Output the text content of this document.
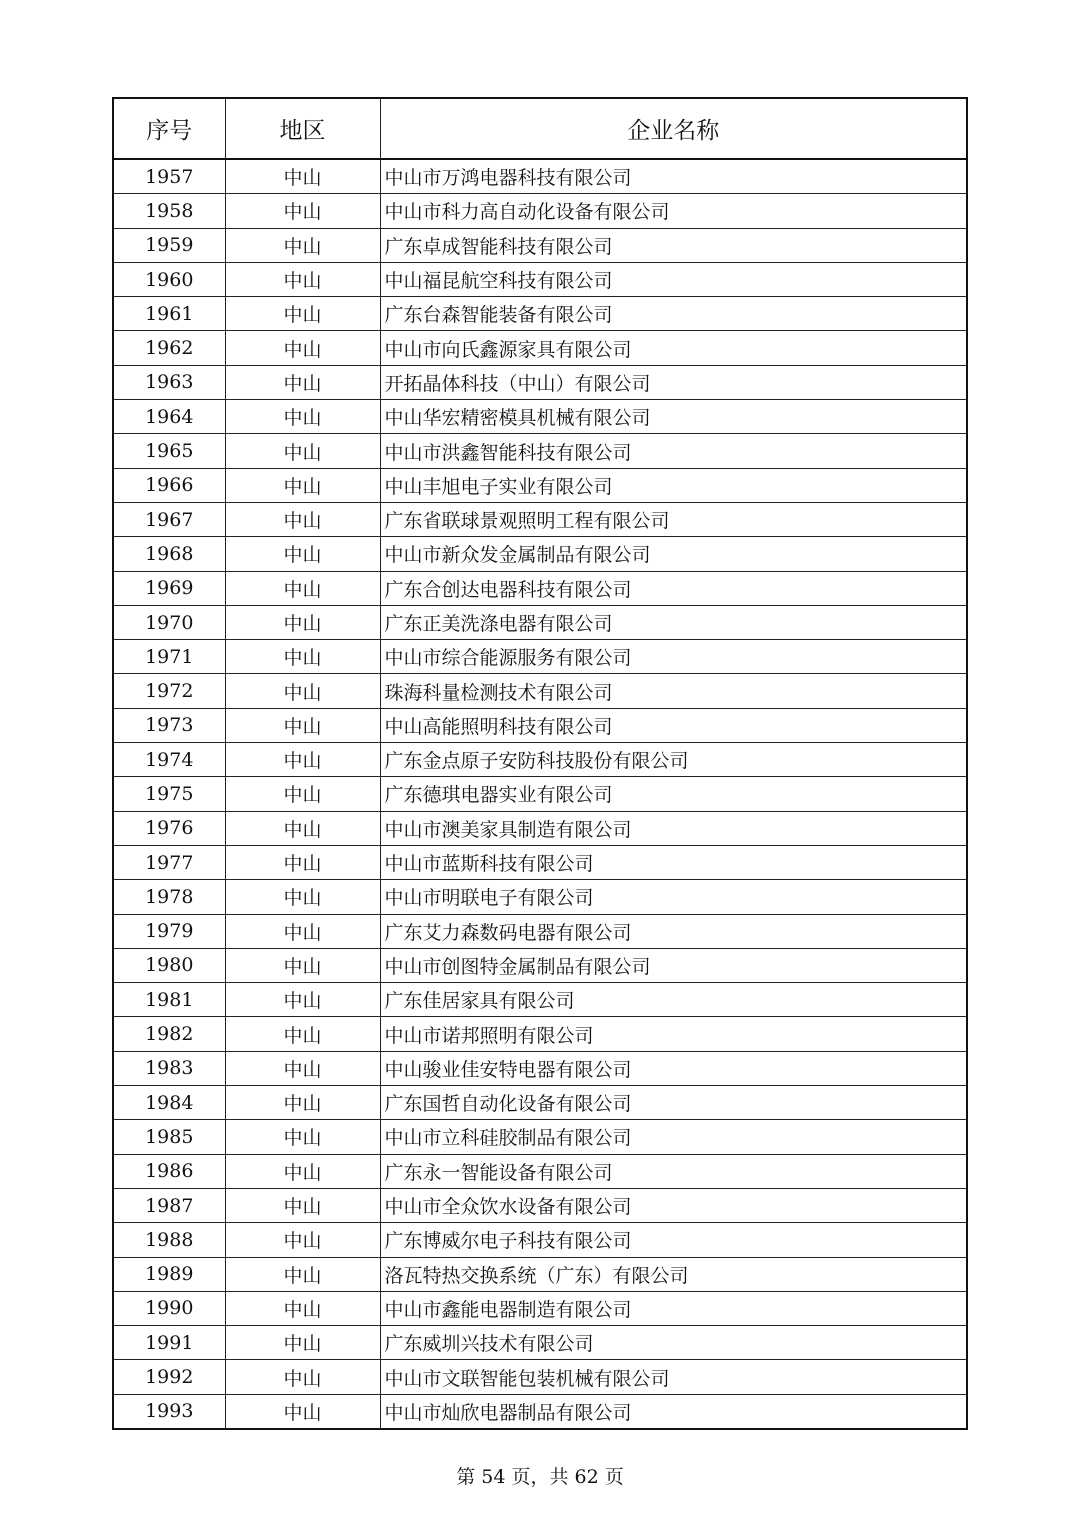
序号	地区	企业名称
1957	中山	中山市万鸿电器科技有限公司
1958	中山	中山市科力高自动化设备有限公司
1959	中山	广东卓成智能科技有限公司
1960	中山	中山福昆航空科技有限公司
1961	中山	广东台森智能装备有限公司
1962	中山	中山市向氏鑫源家具有限公司
1963	中山	开拓晶体科技（中山）有限公司
1964	中山	中山华宏精密模具机械有限公司
1965	中山	中山市洪鑫智能科技有限公司
1966	中山	中山丰旭电子实业有限公司
1967	中山	广东省联球景观照明工程有限公司
1968	中山	中山市新众发金属制品有限公司
1969	中山	广东合创达电器科技有限公司
1970	中山	广东正美洗涤电器有限公司
1971	中山	中山市综合能源服务有限公司
1972	中山	珠海科量检测技术有限公司
1973	中山	中山高能照明科技有限公司
1974	中山	广东金点原子安防科技股份有限公司
1975	中山	广东德琪电器实业有限公司
1976	中山	中山市澳美家具制造有限公司
1977	中山	中山市蓝斯科技有限公司
1978	中山	中山市明联电子有限公司
1979	中山	广东艾力森数码电器有限公司
1980	中山	中山市创图特金属制品有限公司
1981	中山	广东佳居家具有限公司
1982	中山	中山市诺邦照明有限公司
1983	中山	中山骏业佳安特电器有限公司
1984	中山	广东国哲自动化设备有限公司
1985	中山	中山市立科硅胶制品有限公司
1986	中山	广东永一智能设备有限公司
1987	中山	中山市全众饮水设备有限公司
1988	中山	广东博威尔电子科技有限公司
1989	中山	洛瓦特热交换系统（广东）有限公司
1990	中山	中山市鑫能电器制造有限公司
1991	中山	广东威圳兴技术有限公司
1992	中山	中山市文联智能包装机械有限公司
1993	中山	中山市灿欣电器制品有限公司
第 54 页，共 62 页
